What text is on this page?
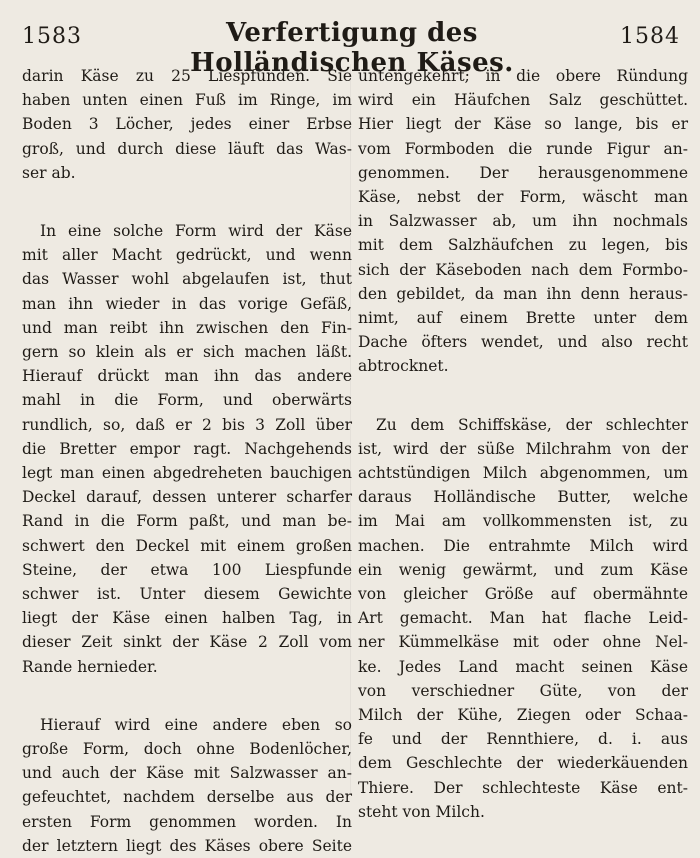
1583	Verfertigung des Holländischen Käses.
1584
darin Käse zu 25 Liespfunden. Sie
haben unten einen Fuß im Ringe, im
Boden 3 Löcher, jedes einer Erbse
groß, und durch diese läuft das Was-
ser ab.
In eine solche Form wird der Käse
mit aller Macht gedrückt, und wenn
das Wasser wohl abgelaufen ist, thut
man ihn wieder in das vorige Gefäß,
und man reibt ihn zwischen den Fin-
gern so klein als er sich machen läßt.
Hierauf drückt man ihn das andere
mahl in die Form, und oberwärts
rundlich, so, daß er 2 bis 3 Zoll über
die Bretter empor ragt. Nachgehends
legt man einen abgedreheten bauchigen
Deckel darauf, dessen unterer scharfer
Rand in die Form paßt, und man be-
schwert den Deckel mit einem großen
Steine, der etwa 100 Liespfunde
schwer ist. Unter diesem Gewichte
liegt der Käse einen halben Tag, in
dieser Zeit sinkt der Käse 2 Zoll vom
Rande hernieder.
Hierauf wird eine andere eben so
große Form, doch ohne Bodenlöcher,
und auch der Käse mit Salzwasser an-
gefeuchtet, nachdem derselbe aus der
ersten Form genommen worden. In
der letztern liegt des Käses obere Seite
untengekehrt; in die obere Ründung
wird ein Häufchen Salz geschüttet.
Hier liegt der Käse so lange, bis er
vom Formboden die runde Figur an-
genommen. Der herausgenommene
Käse, nebst der Form, wäscht man
in Salzwasser ab, um ihn nochmals
mit dem Salzhäufchen zu legen, bis
sich der Käseboden nach dem Formbo-
den gebildet, da man ihn denn heraus-
nimt, auf einem Brette unter dem
Dache öfters wendet, und also recht
abtrocknet.
Zu dem Schiffskäse, der schlechter
ist, wird der süße Milchrahm von der
achtstündigen Milch abgenommen, um
daraus Holländische Butter, welche
im Mai am vollkommensten ist, zu
machen. Die entrahmte Milch wird
ein wenig gewärmt, und zum Käse
von gleicher Größe auf obermähnte
Art gemacht. Man hat flache Leid-
ner Kümmelkäse mit oder ohne Nel-
ke. Jedes Land macht seinen Käse
von verschiedner Güte, von der
Milch der Kühe, Ziegen oder Schaa-
fe und der Rennthiere, d. i. aus
dem Geschlechte der wiederkäuenden
Thiere. Der schlechteste Käse ent-
steht von Milch.
